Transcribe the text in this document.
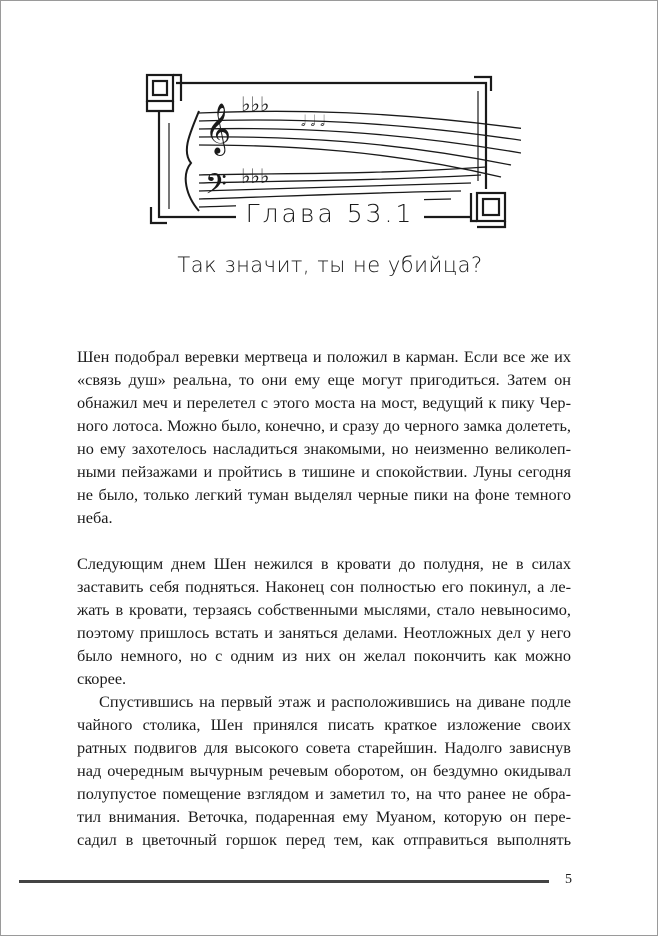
𝄞
𝄢
♭♭♭
♭♭♭
𝅗𝅥 𝅗𝅥 𝅗𝅥
Глава 53.1
Так значит, ты не убийца?
Шен подобрал веревки мертвеца и положил в карман. Если все же их
«связь душ» реальна, то они ему еще могут пригодиться. Затем он
обнажил меч и перелетел с этого моста на мост, ведущий к пику Чер-
ного лотоса. Можно было, конечно, и сразу до черного замка долететь,
но ему захотелось насладиться знакомыми, но неизменно великолеп-
ными пейзажами и пройтись в тишине и спокойствии. Луны сегодня
не было, только легкий туман выделял черные пики на фоне темного
неба.
Следующим днем Шен нежился в кровати до полудня, не в силах
заставить себя подняться. Наконец сон полностью его покинул, а ле-
жать в кровати, терзаясь собственными мыслями, стало невыносимо,
поэтому пришлось встать и заняться делами. Неотложных дел у него
было немного, но с одним из них он желал покончить как можно
скорее.
Спустившись на первый этаж и расположившись на диване подле
чайного столика, Шен принялся писать краткое изложение своих
ратных подвигов для высокого совета старейшин. Надолго зависнув
над очередным вычурным речевым оборотом, он бездумно окидывал
полупустое помещение взглядом и заметил то, на что ранее не обра-
тил внимания. Веточка, подаренная ему Муаном, которую он пере-
садил в цветочный горшок перед тем, как отправиться выполнять
5
